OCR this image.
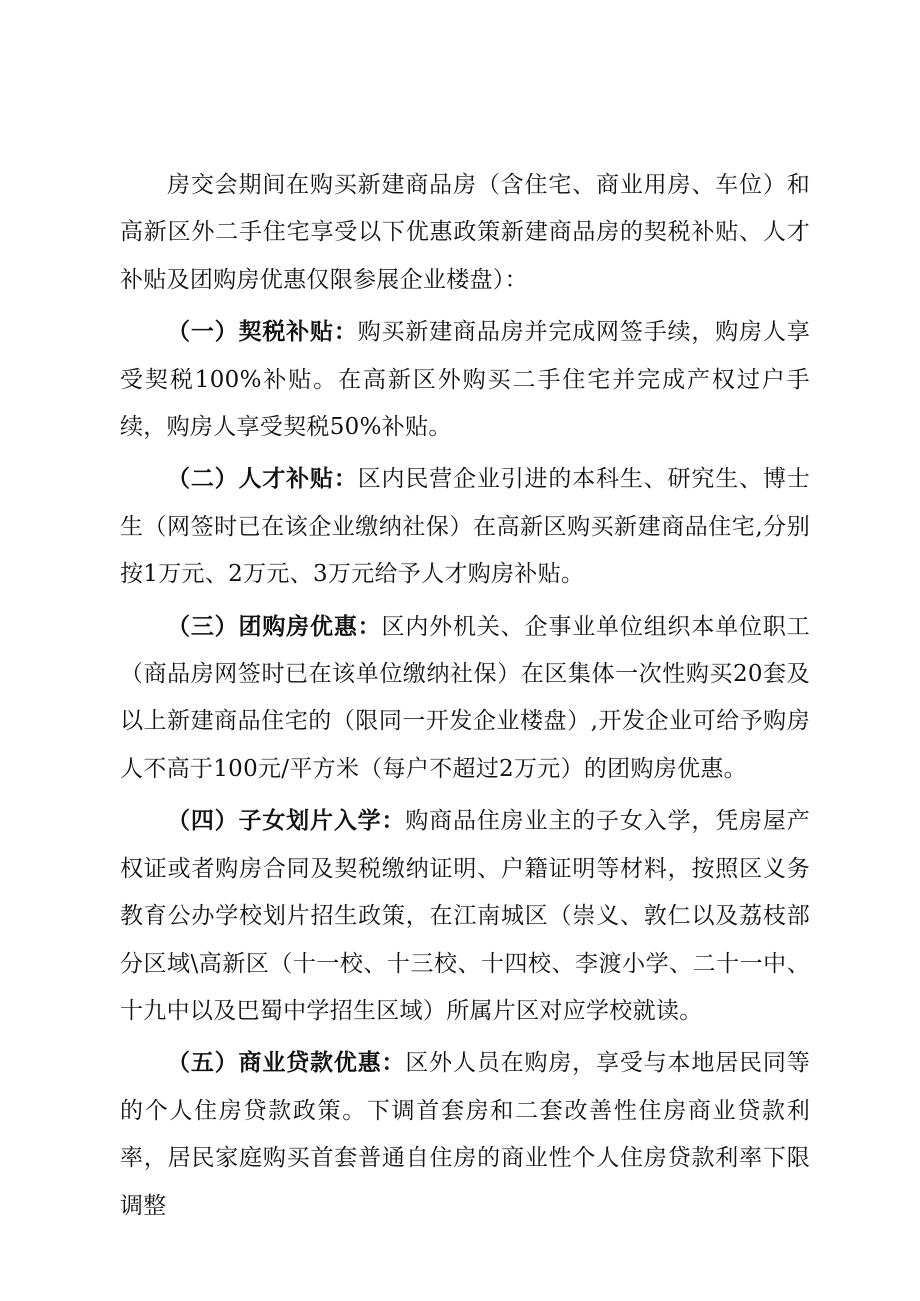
房交会期间在购买新建商品房（含住宅、商业用房、车位）和高新区外二手住宅享受以下优惠政策新建商品房的契税补贴、人才补贴及团购房优惠仅限参展企业楼盘）：

（一）契税补贴：购买新建商品房并完成网签手续，购房人享受契税100%补贴。在高新区外购买二手住宅并完成产权过户手续，购房人享受契税50%补贴。

（二）人才补贴：区内民营企业引进的本科生、研究生、博士生（网签时已在该企业缴纳社保）在高新区购买新建商品住宅,分别按1万元、2万元、3万元给予人才购房补贴。

（三）团购房优惠：区内外机关、企事业单位组织本单位职工（商品房网签时已在该单位缴纳社保）在区集体一次性购买20套及以上新建商品住宅的（限同一开发企业楼盘）,开发企业可给予购房人不高于100元/平方米（每户不超过2万元）的团购房优惠。

（四）子女划片入学：购商品住房业主的子女入学，凭房屋产权证或者购房合同及契税缴纳证明、户籍证明等材料，按照区义务教育公办学校划片招生政策，在江南城区（崇义、敦仁以及荔枝部分区域\高新区（十一校、十三校、十四校、李渡小学、二十一中、十九中以及巴蜀中学招生区域）所属片区对应学校就读。

（五）商业贷款优惠：区外人员在购房，享受与本地居民同等的个人住房贷款政策。下调首套房和二套改善性住房商业贷款利率，居民家庭购买首套普通自住房的商业性个人住房贷款利率下限调整
